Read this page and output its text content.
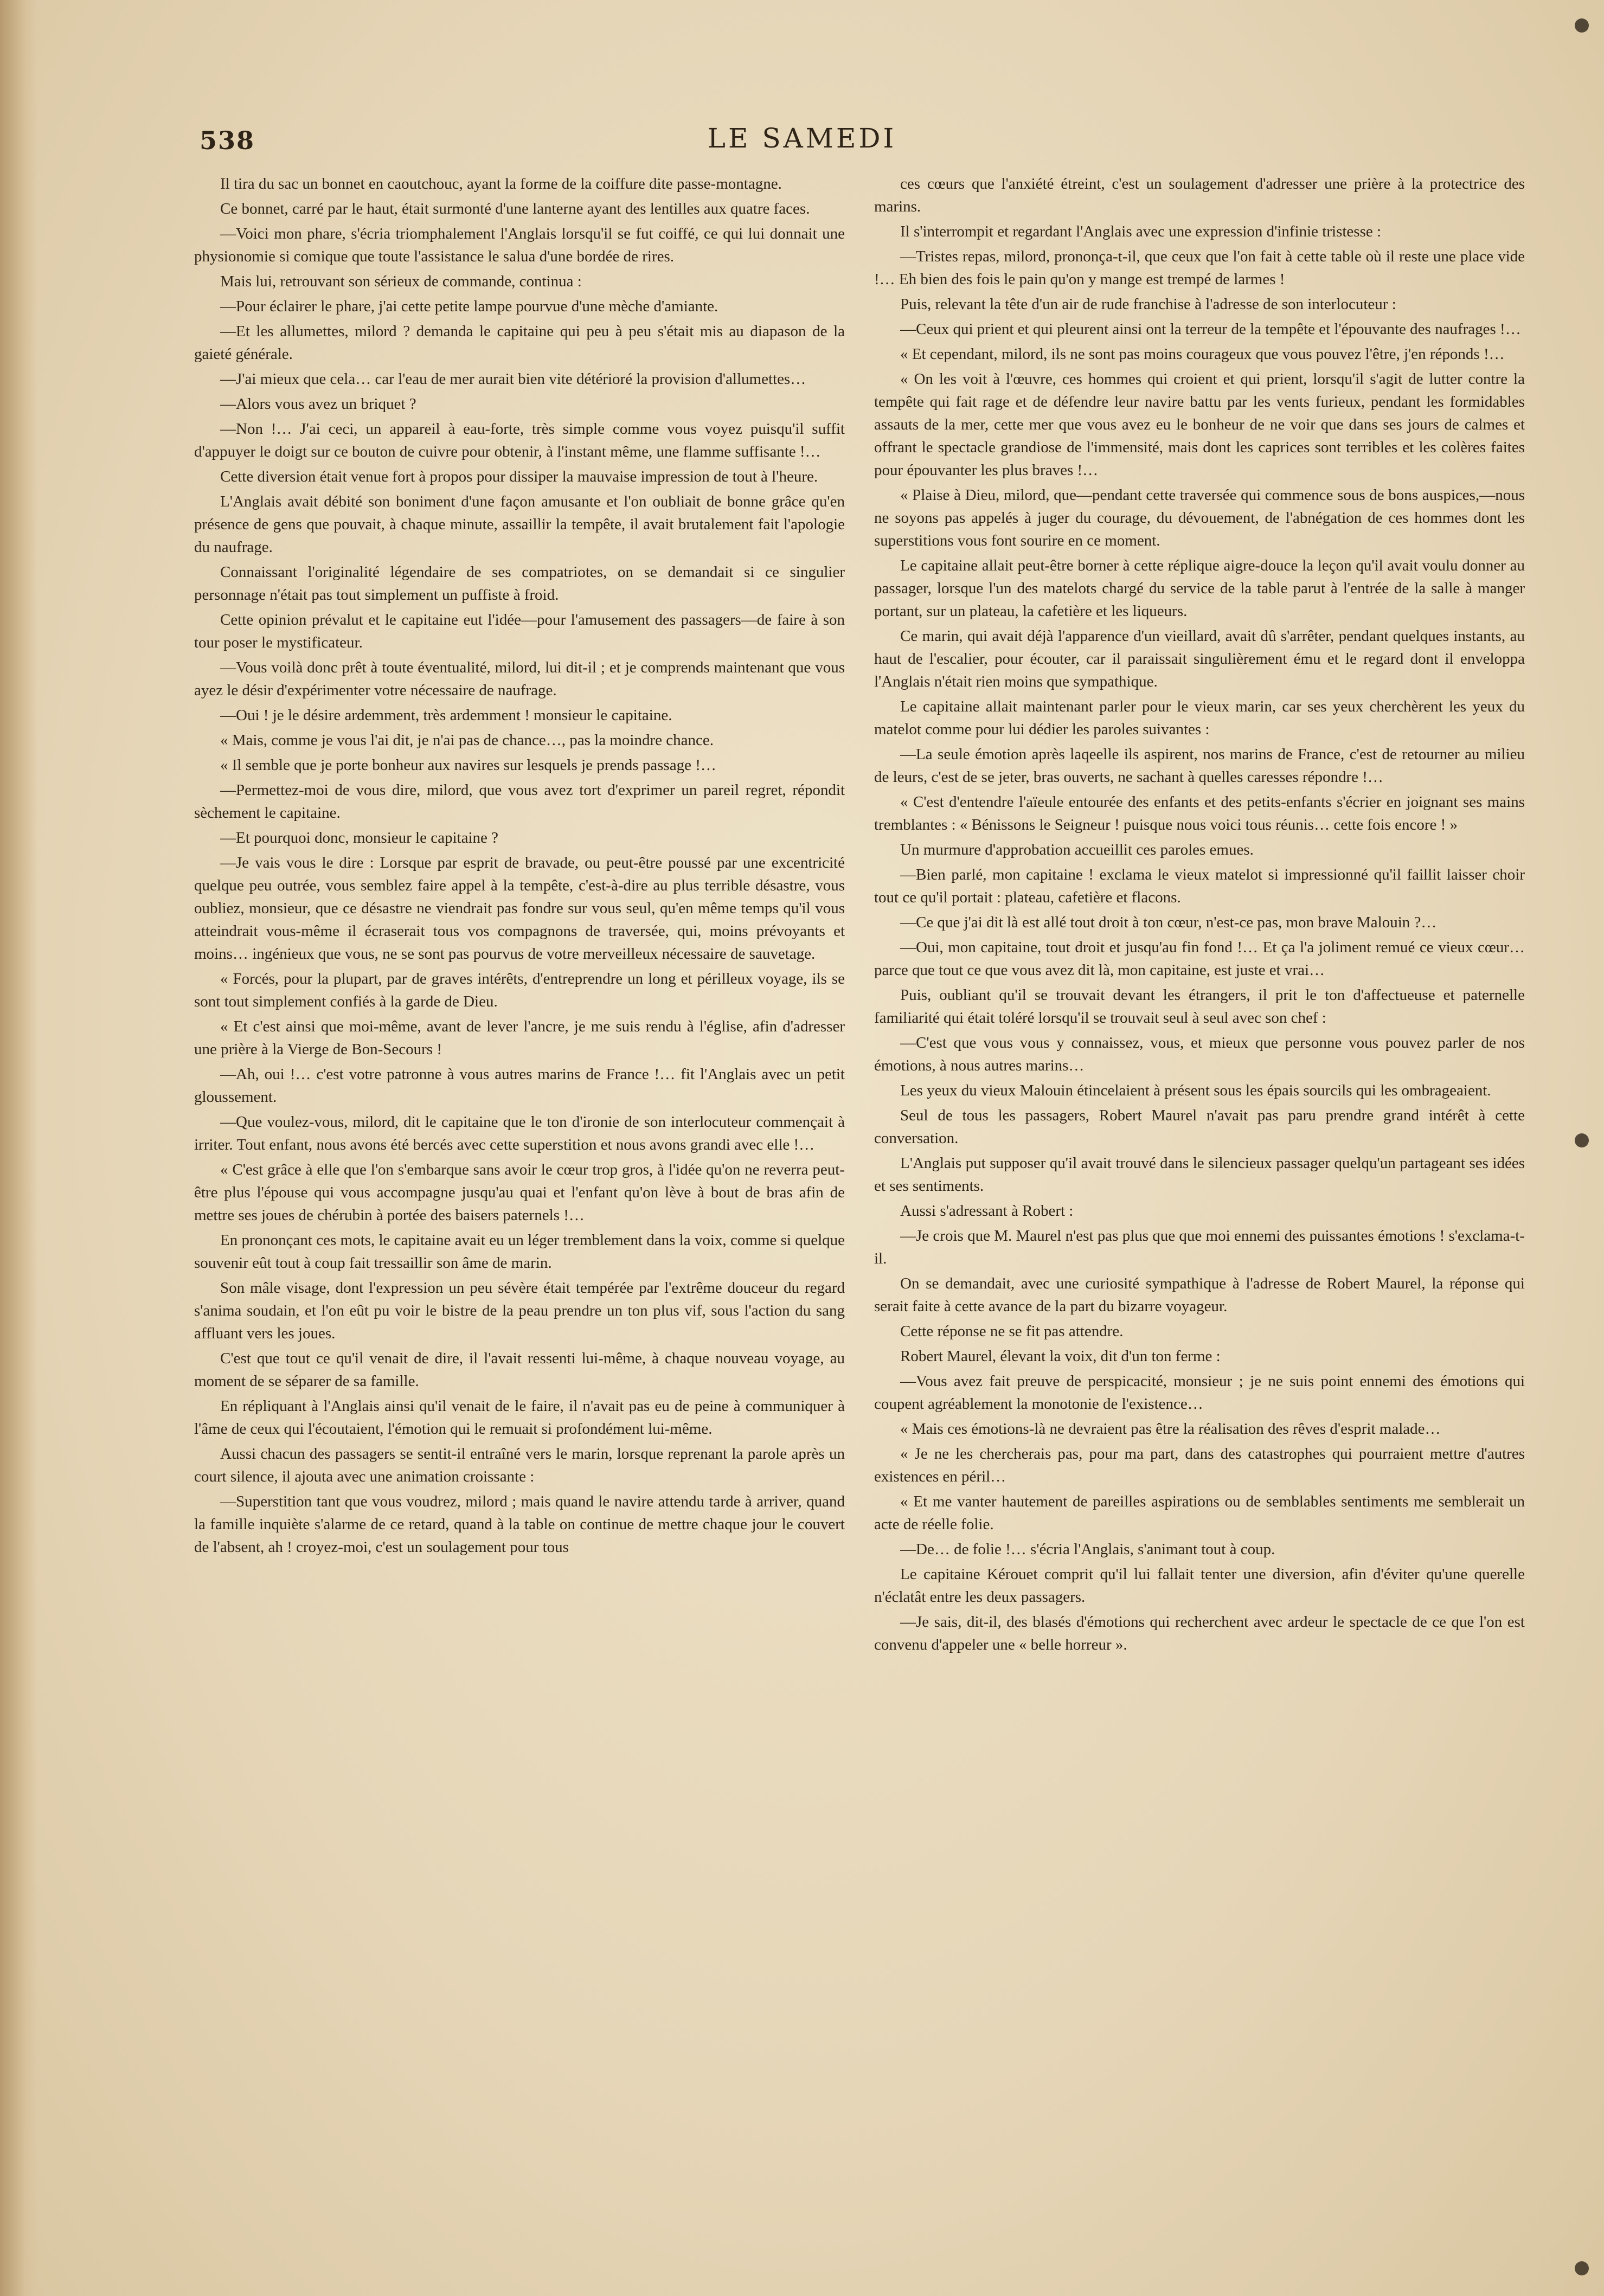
538	LE SAMEDI

Il tira du sac un bonnet en caoutchouc, ayant la forme de la coiffure dite passe-montagne.

Ce bonnet, carré par le haut, était surmonté d'une lanterne ayant des lentilles aux quatre faces.

—Voici mon phare, s'écria triomphalement l'Anglais lorsqu'il se fut coiffé, ce qui lui donnait une physionomie si comique que toute l'assistance le salua d'une bordée de rires.

Mais lui, retrouvant son sérieux de commande, continua :

—Pour éclairer le phare, j'ai cette petite lampe pourvue d'une mèche d'amiante.

—Et les allumettes, milord ? demanda le capitaine qui peu à peu s'était mis au diapason de la gaieté générale.

—J'ai mieux que cela… car l'eau de mer aurait bien vite détérioré la provision d'allumettes…

—Alors vous avez un briquet ?

—Non !… J'ai ceci, un appareil à eau-forte, très simple comme vous voyez puisqu'il suffit d'appuyer le doigt sur ce bouton de cuivre pour obtenir, à l'instant même, une flamme suffisante !…

Cette diversion était venue fort à propos pour dissiper la mauvaise impression de tout à l'heure.

L'Anglais avait débité son boniment d'une façon amusante et l'on oubliait de bonne grâce qu'en présence de gens que pouvait, à chaque minute, assaillir la tempête, il avait brutalement fait l'apologie du naufrage.

Connaissant l'originalité légendaire de ses compatriotes, on se demandait si ce singulier personnage n'était pas tout simplement un puffiste à froid.

Cette opinion prévalut et le capitaine eut l'idée—pour l'amusement des passagers—de faire à son tour poser le mystificateur.

—Vous voilà donc prêt à toute éventualité, milord, lui dit-il ; et je comprends maintenant que vous ayez le désir d'expérimenter votre nécessaire de naufrage.

—Oui ! je le désire ardemment, très ardemment ! monsieur le capitaine.

« Mais, comme je vous l'ai dit, je n'ai pas de chance…, pas la moindre chance.

« Il semble que je porte bonheur aux navires sur lesquels je prends passage !…

—Permettez-moi de vous dire, milord, que vous avez tort d'exprimer un pareil regret, répondit sèchement le capitaine.

—Et pourquoi donc, monsieur le capitaine ?

—Je vais vous le dire : Lorsque par esprit de bravade, ou peut-être poussé par une excentricité quelque peu outrée, vous semblez faire appel à la tempête, c'est-à-dire au plus terrible désastre, vous oubliez, monsieur, que ce désastre ne viendrait pas fondre sur vous seul, qu'en même temps qu'il vous atteindrait vous-même il écraserait tous vos compagnons de traversée, qui, moins prévoyants et moins… ingénieux que vous, ne se sont pas pourvus de votre merveilleux nécessaire de sauvetage.

« Forcés, pour la plupart, par de graves intérêts, d'entreprendre un long et périlleux voyage, ils se sont tout simplement confiés à la garde de Dieu.

« Et c'est ainsi que moi-même, avant de lever l'ancre, je me suis rendu à l'église, afin d'adresser une prière à la Vierge de Bon-Secours !

—Ah, oui !… c'est votre patronne à vous autres marins de France !… fit l'Anglais avec un petit gloussement.

—Que voulez-vous, milord, dit le capitaine que le ton d'ironie de son interlocuteur commençait à irriter. Tout enfant, nous avons été bercés avec cette superstition et nous avons grandi avec elle !…

« C'est grâce à elle que l'on s'embarque sans avoir le cœur trop gros, à l'idée qu'on ne reverra peut-être plus l'épouse qui vous accompagne jusqu'au quai et l'enfant qu'on lève à bout de bras afin de mettre ses joues de chérubin à portée des baisers paternels !…

En prononçant ces mots, le capitaine avait eu un léger tremblement dans la voix, comme si quelque souvenir eût tout à coup fait tressaillir son âme de marin.

Son mâle visage, dont l'expression un peu sévère était tempérée par l'extrême douceur du regard s'anima soudain, et l'on eût pu voir le bistre de la peau prendre un ton plus vif, sous l'action du sang affluant vers les joues.

C'est que tout ce qu'il venait de dire, il l'avait ressenti lui-même, à chaque nouveau voyage, au moment de se séparer de sa famille.

En répliquant à l'Anglais ainsi qu'il venait de le faire, il n'avait pas eu de peine à communiquer à l'âme de ceux qui l'écoutaient, l'émotion qui le remuait si profondément lui-même.

Aussi chacun des passagers se sentit-il entraîné vers le marin, lorsque reprenant la parole après un court silence, il ajouta avec une animation croissante :

—Superstition tant que vous voudrez, milord ; mais quand le navire attendu tarde à arriver, quand la famille inquiète s'alarme de ce retard, quand à la table on continue de mettre chaque jour le couvert de l'absent, ah ! croyez-moi, c'est un soulagement pour tous

ces cœurs que l'anxiété étreint, c'est un soulagement d'adresser une prière à la protectrice des marins.

Il s'interrompit et regardant l'Anglais avec une expression d'infinie tristesse :

—Tristes repas, milord, prononça-t-il, que ceux que l'on fait à cette table où il reste une place vide !… Eh bien des fois le pain qu'on y mange est trempé de larmes !

Puis, relevant la tête d'un air de rude franchise à l'adresse de son interlocuteur :

—Ceux qui prient et qui pleurent ainsi ont la terreur de la tempête et l'épouvante des naufrages !…

« Et cependant, milord, ils ne sont pas moins courageux que vous pouvez l'être, j'en réponds !…

« On les voit à l'œuvre, ces hommes qui croient et qui prient, lorsqu'il s'agit de lutter contre la tempête qui fait rage et de défendre leur navire battu par les vents furieux, pendant les formidables assauts de la mer, cette mer que vous avez eu le bonheur de ne voir que dans ses jours de calmes et offrant le spectacle grandiose de l'immensité, mais dont les caprices sont terribles et les colères faites pour épouvanter les plus braves !…

« Plaise à Dieu, milord, que—pendant cette traversée qui commence sous de bons auspices,—nous ne soyons pas appelés à juger du courage, du dévouement, de l'abnégation de ces hommes dont les superstitions vous font sourire en ce moment.

Le capitaine allait peut-être borner à cette réplique aigre-douce la leçon qu'il avait voulu donner au passager, lorsque l'un des matelots chargé du service de la table parut à l'entrée de la salle à manger portant, sur un plateau, la cafetière et les liqueurs.

Ce marin, qui avait déjà l'apparence d'un vieillard, avait dû s'arrêter, pendant quelques instants, au haut de l'escalier, pour écouter, car il paraissait singulièrement ému et le regard dont il enveloppa l'Anglais n'était rien moins que sympathique.

Le capitaine allait maintenant parler pour le vieux marin, car ses yeux cherchèrent les yeux du matelot comme pour lui dédier les paroles suivantes :

—La seule émotion après laqeelle ils aspirent, nos marins de France, c'est de retourner au milieu de leurs, c'est de se jeter, bras ouverts, ne sachant à quelles caresses répondre !…

« C'est d'entendre l'aïeule entourée des enfants et des petits-enfants s'écrier en joignant ses mains tremblantes : « Bénissons le Seigneur ! puisque nous voici tous réunis… cette fois encore ! »

Un murmure d'approbation accueillit ces paroles emues.

—Bien parlé, mon capitaine ! exclama le vieux matelot si impressionné qu'il faillit laisser choir tout ce qu'il portait : plateau, cafetière et flacons.

—Ce que j'ai dit là est allé tout droit à ton cœur, n'est-ce pas, mon brave Malouin ?…

—Oui, mon capitaine, tout droit et jusqu'au fin fond !… Et ça l'a joliment remué ce vieux cœur… parce que tout ce que vous avez dit là, mon capitaine, est juste et vrai…

Puis, oubliant qu'il se trouvait devant les étrangers, il prit le ton d'affectueuse et paternelle familiarité qui était toléré lorsqu'il se trouvait seul à seul avec son chef :

—C'est que vous vous y connaissez, vous, et mieux que personne vous pouvez parler de nos émotions, à nous autres marins…

Les yeux du vieux Malouin étincelaient à présent sous les épais sourcils qui les ombrageaient.

Seul de tous les passagers, Robert Maurel n'avait pas paru prendre grand intérêt à cette conversation.

L'Anglais put supposer qu'il avait trouvé dans le silencieux passager quelqu'un partageant ses idées et ses sentiments.

Aussi s'adressant à Robert :

—Je crois que M. Maurel n'est pas plus que que moi ennemi des puissantes émotions ! s'exclama-t-il.

On se demandait, avec une curiosité sympathique à l'adresse de Robert Maurel, la réponse qui serait faite à cette avance de la part du bizarre voyageur.

Cette réponse ne se fit pas attendre.

Robert Maurel, élevant la voix, dit d'un ton ferme :

—Vous avez fait preuve de perspicacité, monsieur ; je ne suis point ennemi des émotions qui coupent agréablement la monotonie de l'existence…

« Mais ces émotions-là ne devraient pas être la réalisation des rêves d'esprit malade…

« Je ne les chercherais pas, pour ma part, dans des catastrophes qui pourraient mettre d'autres existences en péril…

« Et me vanter hautement de pareilles aspirations ou de semblables sentiments me semblerait un acte de réelle folie.

—De… de folie !… s'écria l'Anglais, s'animant tout à coup.

Le capitaine Kérouet comprit qu'il lui fallait tenter une diversion, afin d'éviter qu'une querelle n'éclatât entre les deux passagers.

—Je sais, dit-il, des blasés d'émotions qui recherchent avec ardeur le spectacle de ce que l'on est convenu d'appeler une « belle horreur ».
